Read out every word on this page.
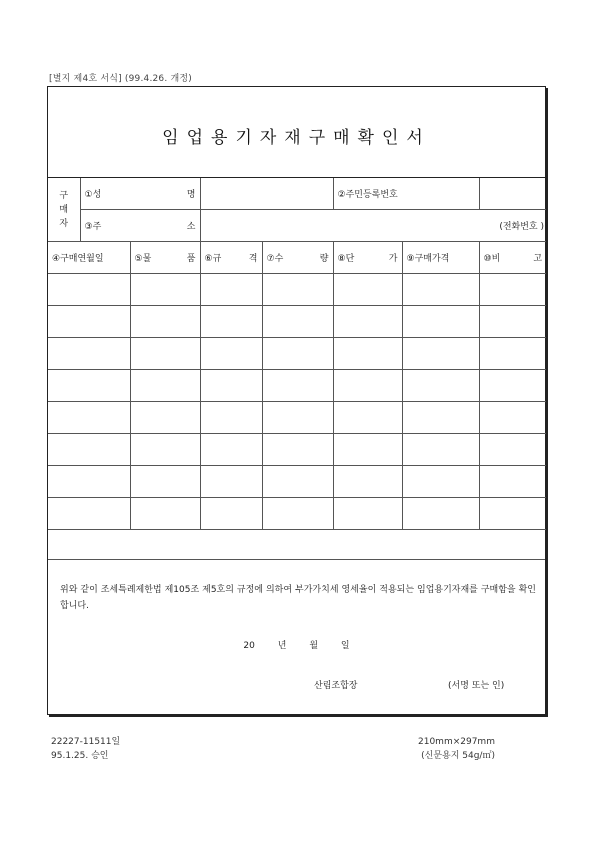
[별지 제4호 서식] (99.4.26. 개정)
임업용기자재구매확인서
구
매
자	①성 명				②주민등록번호		

	③주 소		(전화번호 )				

④구매연월일		⑤물 품	⑥규 격	⑦수 량	⑧단 가	⑨구매가격	⑩비 고

위와 같이 조세특례제한법 제105조 제5호의 규정에 의하여 부가가치세 영세율이 적용되는 임업용기자재를 구매함을 확인합니다.
20	년	월	일
산림조합장	(서명 또는 인)
22227-11511일
95.1.25. 승인
210mm×297mm
(신문용지 54g/㎡)
